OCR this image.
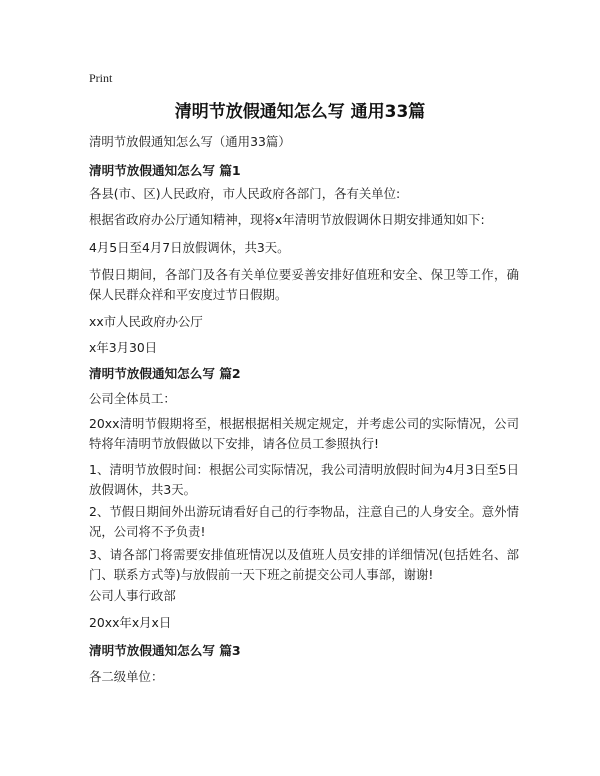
Print
清明节放假通知怎么写 通用33篇
清明节放假通知怎么写（通用33篇）
清明节放假通知怎么写 篇1
各县(市、区)人民政府，市人民政府各部门，各有关单位:
根据省政府办公厅通知精神，现将x年清明节放假调休日期安排通知如下:
4月5日至4月7日放假调休，共3天。
节假日期间，各部门及各有关单位要妥善安排好值班和安全、保卫等工作，确保人民群众祥和平安度过节日假期。
xx市人民政府办公厅
x年3月30日
清明节放假通知怎么写 篇2
公司全体员工：
20xx清明节假期将至，根据根据相关规定规定，并考虑公司的实际情况，公司特将年清明节放假做以下安排，请各位员工参照执行!
1、清明节放假时间：根据公司实际情况，我公司清明放假时间为4月3日至5日放假调休，共3天。
2、节假日期间外出游玩请看好自己的行李物品，注意自己的人身安全。意外情况，公司将不予负责!
3、请各部门将需要安排值班情况以及值班人员安排的详细情况(包括姓名、部门、联系方式等)与放假前一天下班之前提交公司人事部，谢谢!
公司人事行政部
20xx年x月x日
清明节放假通知怎么写 篇3
各二级单位：
